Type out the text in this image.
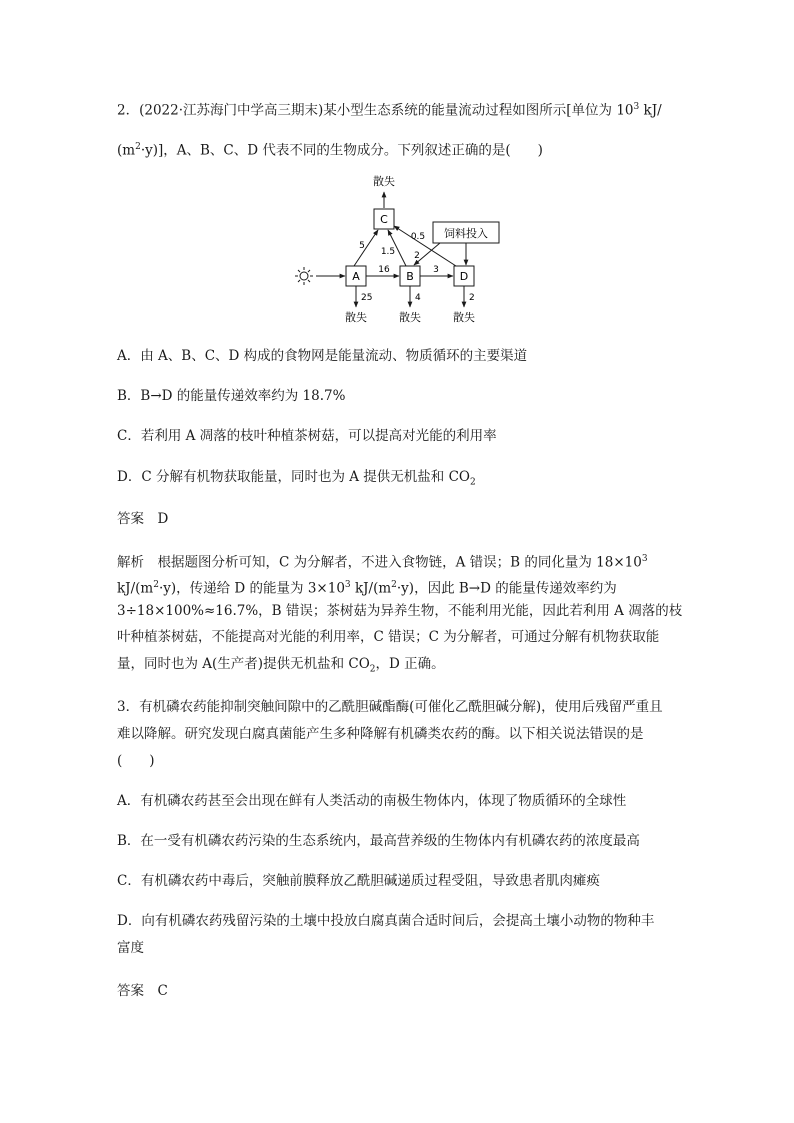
2．(2022·江苏海门中学高三期末)某小型生态系统的能量流动过程如图所示[单位为 $10^3$ kJ/
$(m^2\cdot y)$]，A、B、C、D 代表不同的生物成分。下列叙述正确的是(　　)
散失
C
饲料投入
A	B	D
16	3
5
1.5
0.5
2
25
散失
4
散失
2
散失
A．由 A、B、C、D 构成的食物网是能量流动、物质循环的主要渠道
B．B→D 的能量传递效率约为 18.7%
C．若利用 A 凋落的枝叶种植茶树菇，可以提高对光能的利用率
D．C 分解有机物获取能量，同时也为 A 提供无机盐和 $CO_2$
答案　D
解析　根据题图分析可知，C 为分解者，不进入食物链，A 错误；B 的同化量为 $18\times 10^3$
$kJ/(m^2\cdot y)$，传递给 D 的能量为 $3\times 10^3$ $kJ/(m^2\cdot y)$，因此 B→D 的能量传递效率约为
3÷18×100%≈16.7%，B 错误；茶树菇为异养生物，不能利用光能，因此若利用 A 凋落的枝
叶种植茶树菇，不能提高对光能的利用率，C 错误；C 为分解者，可通过分解有机物获取能
量，同时也为 A(生产者)提供无机盐和 $CO_2$，D 正确。
3．有机磷农药能抑制突触间隙中的乙酰胆碱酯酶(可催化乙酰胆碱分解)，使用后残留严重且
难以降解。研究发现白腐真菌能产生多种降解有机磷类农药的酶。以下相关说法错误的是
(　　)
A．有机磷农药甚至会出现在鲜有人类活动的南极生物体内，体现了物质循环的全球性
B．在一受有机磷农药污染的生态系统内，最高营养级的生物体内有机磷农药的浓度最高
C．有机磷农药中毒后，突触前膜释放乙酰胆碱递质过程受阻，导致患者肌肉瘫痪
D．向有机磷农药残留污染的土壤中投放白腐真菌合适时间后，会提高土壤小动物的物种丰
富度
答案　C
